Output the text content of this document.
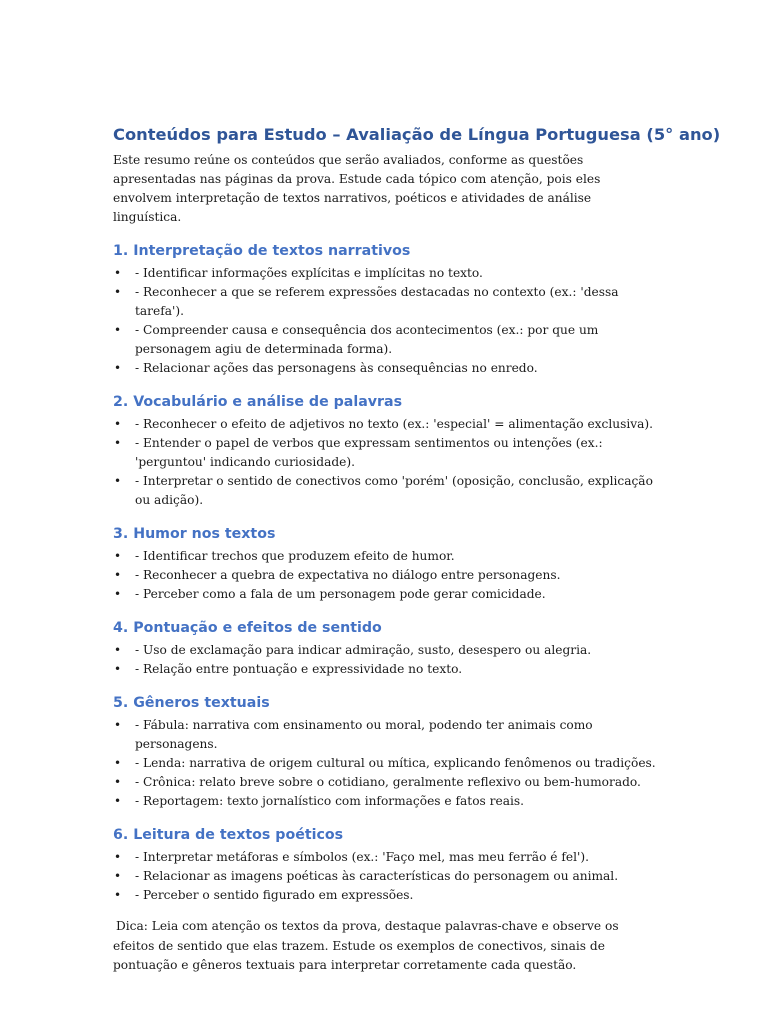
Conteúdos para Estudo – Avaliação de Língua Portuguesa (5° ano)

Este resumo reúne os conteúdos que serão avaliados, conforme as questões apresentadas nas páginas da prova. Estude cada tópico com atenção, pois eles envolvem interpretação de textos narrativos, poéticos e atividades de análise linguística.

1. Interpretação de textos narrativos
• - Identificar informações explícitas e implícitas no texto.
• - Reconhecer a que se referem expressões destacadas no contexto (ex.: 'dessa tarefa').
• - Compreender causa e consequência dos acontecimentos (ex.: por que um personagem agiu de determinada forma).
• - Relacionar ações das personagens às consequências no enredo.
2. Vocabulário e análise de palavras
• - Reconhecer o efeito de adjetivos no texto (ex.: 'especial' = alimentação exclusiva).
• - Entender o papel de verbos que expressam sentimentos ou intenções (ex.: 'perguntou' indicando curiosidade).
• - Interpretar o sentido de conectivos como 'porém' (oposição, conclusão, explicação ou adição).
3. Humor nos textos
• - Identificar trechos que produzem efeito de humor.
• - Reconhecer a quebra de expectativa no diálogo entre personagens.
• - Perceber como a fala de um personagem pode gerar comicidade.
4. Pontuação e efeitos de sentido
• - Uso de exclamação para indicar admiração, susto, desespero ou alegria.
• - Relação entre pontuação e expressividade no texto.
5. Gêneros textuais
• - Fábula: narrativa com ensinamento ou moral, podendo ter animais como personagens.
• - Lenda: narrativa de origem cultural ou mítica, explicando fenômenos ou tradições.
• - Crônica: relato breve sobre o cotidiano, geralmente reflexivo ou bem-humorado.
• - Reportagem: texto jornalístico com informações e fatos reais.
6. Leitura de textos poéticos
• - Interpretar metáforas e símbolos (ex.: 'Faço mel, mas meu ferrão é fel').
• - Relacionar as imagens poéticas às características do personagem ou animal.
• - Perceber o sentido figurado em expressões.

Dica: Leia com atenção os textos da prova, destaque palavras-chave e observe os efeitos de sentido que elas trazem. Estude os exemplos de conectivos, sinais de pontuação e gêneros textuais para interpretar corretamente cada questão.
